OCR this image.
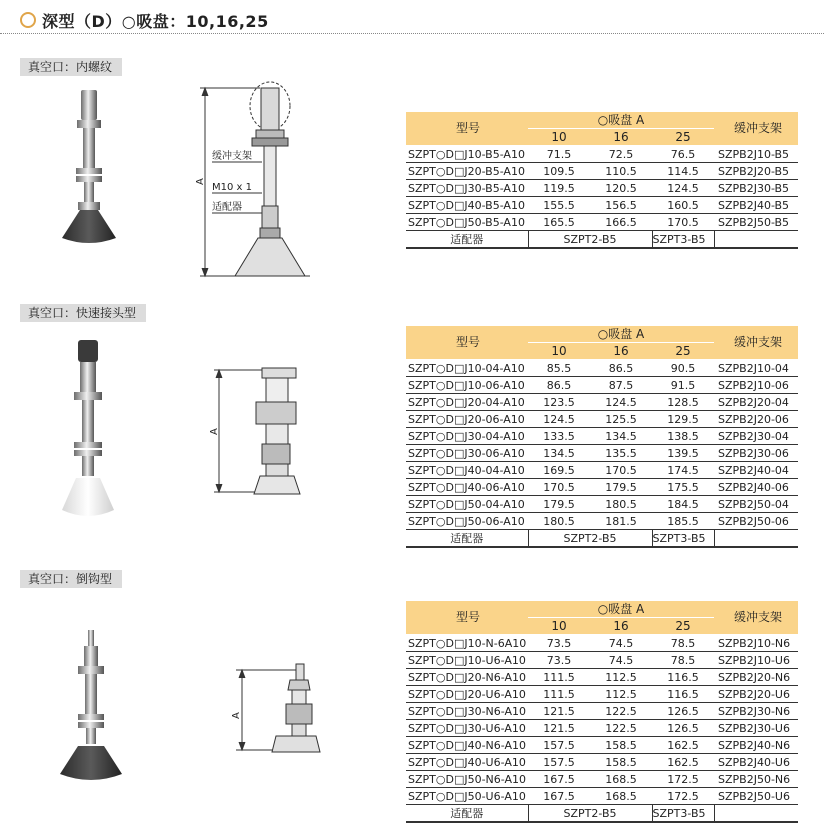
深型（D）○吸盘：10,16,25
真空口：内螺纹
A
缓冲支架
M10 x 1
适配器
型号	○吸盘 A			缓冲支架
	10	16	25	
SZPT○D□J10-B5-A10	71.5	72.5	76.5	SZPB2J10-B5
SZPT○D□J20-B5-A10	109.5	110.5	114.5	SZPB2J20-B5
SZPT○D□J30-B5-A10	119.5	120.5	124.5	SZPB2J30-B5
SZPT○D□J40-B5-A10	155.5	156.5	160.5	SZPB2J40-B5
SZPT○D□J50-B5-A10	165.5	166.5	170.5	SZPB2J50-B5
适配器	SZPT2-B5		SZPT3-B5	
真空口：快速接头型
A
型号	○吸盘 A			缓冲支架
	10	16	25	
SZPT○D□J10-04-A10	85.5	86.5	90.5	SZPB2J10-04
SZPT○D□J10-06-A10	86.5	87.5	91.5	SZPB2J10-06
SZPT○D□J20-04-A10	123.5	124.5	128.5	SZPB2J20-04
SZPT○D□J20-06-A10	124.5	125.5	129.5	SZPB2J20-06
SZPT○D□J30-04-A10	133.5	134.5	138.5	SZPB2J30-04
SZPT○D□J30-06-A10	134.5	135.5	139.5	SZPB2J30-06
SZPT○D□J40-04-A10	169.5	170.5	174.5	SZPB2J40-04
SZPT○D□J40-06-A10	170.5	179.5	175.5	SZPB2J40-06
SZPT○D□J50-04-A10	179.5	180.5	184.5	SZPB2J50-04
SZPT○D□J50-06-A10	180.5	181.5	185.5	SZPB2J50-06
适配器	SZPT2-B5		SZPT3-B5	
真空口：倒钩型
A
型号	○吸盘 A			缓冲支架
	10	16	25	
SZPT○D□J10-N-6A10	73.5	74.5	78.5	SZPB2J10-N6
SZPT○D□J10-U6-A10	73.5	74.5	78.5	SZPB2J10-U6
SZPT○D□J20-N6-A10	111.5	112.5	116.5	SZPB2J20-N6
SZPT○D□J20-U6-A10	111.5	112.5	116.5	SZPB2J20-U6
SZPT○D□J30-N6-A10	121.5	122.5	126.5	SZPB2J30-N6
SZPT○D□J30-U6-A10	121.5	122.5	126.5	SZPB2J30-U6
SZPT○D□J40-N6-A10	157.5	158.5	162.5	SZPB2J40-N6
SZPT○D□J40-U6-A10	157.5	158.5	162.5	SZPB2J40-U6
SZPT○D□J50-N6-A10	167.5	168.5	172.5	SZPB2J50-N6
SZPT○D□J50-U6-A10	167.5	168.5	172.5	SZPB2J50-U6
适配器	SZPT2-B5		SZPT3-B5	
